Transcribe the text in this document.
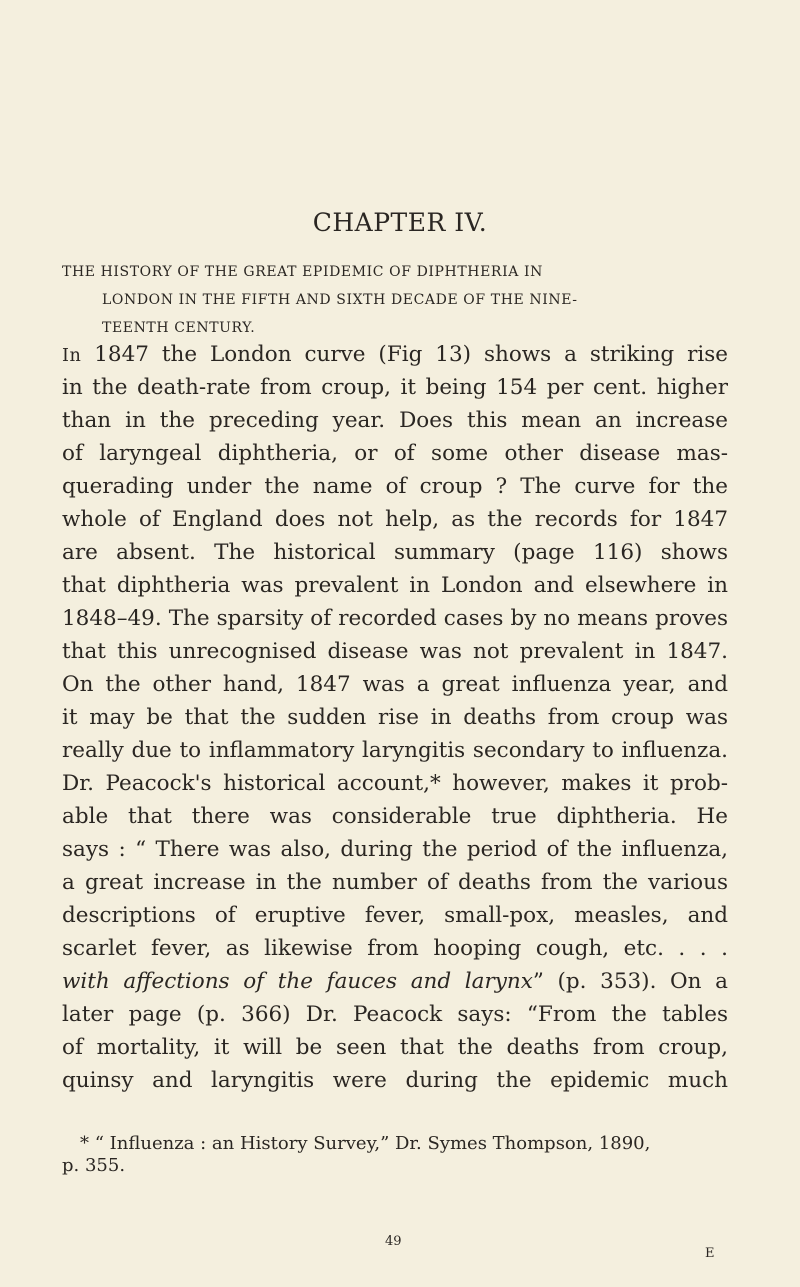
CHAPTER IV.
THE HISTORY OF THE GREAT EPIDEMIC OF DIPHTHERIA IN
LONDON IN THE FIFTH AND SIXTH DECADE OF THE NINE-
TEENTH CENTURY.
In 1847 the London curve (Fig 13) shows a striking rise
in the death-rate from croup, it being 154 per cent. higher
than in the preceding year. Does this mean an increase
of laryngeal diphtheria, or of some other disease mas-
querading under the name of croup ? The curve for the
whole of England does not help, as the records for 1847
are absent. The historical summary (page 116) shows
that diphtheria was prevalent in London and elsewhere in
1848–49. The sparsity of recorded cases by no means proves
that this unrecognised disease was not prevalent in 1847.
On the other hand, 1847 was a great influenza year, and
it may be that the sudden rise in deaths from croup was
really due to inflammatory laryngitis secondary to influenza.
Dr. Peacock's historical account,* however, makes it prob-
able that there was considerable true diphtheria. He
says : “ There was also, during the period of the influenza,
a great increase in the number of deaths from the various
descriptions of eruptive fever, small-pox, measles, and
scarlet fever, as likewise from hooping cough, etc. . . .
with affections of the fauces and larynx” (p. 353). On a
later page (p. 366) Dr. Peacock says: “From the tables
of mortality, it will be seen that the deaths from croup,
quinsy and laryngitis were during the epidemic much
* “ Influenza : an History Survey,” Dr. Symes Thompson, 1890,
p. 355.
49
E
